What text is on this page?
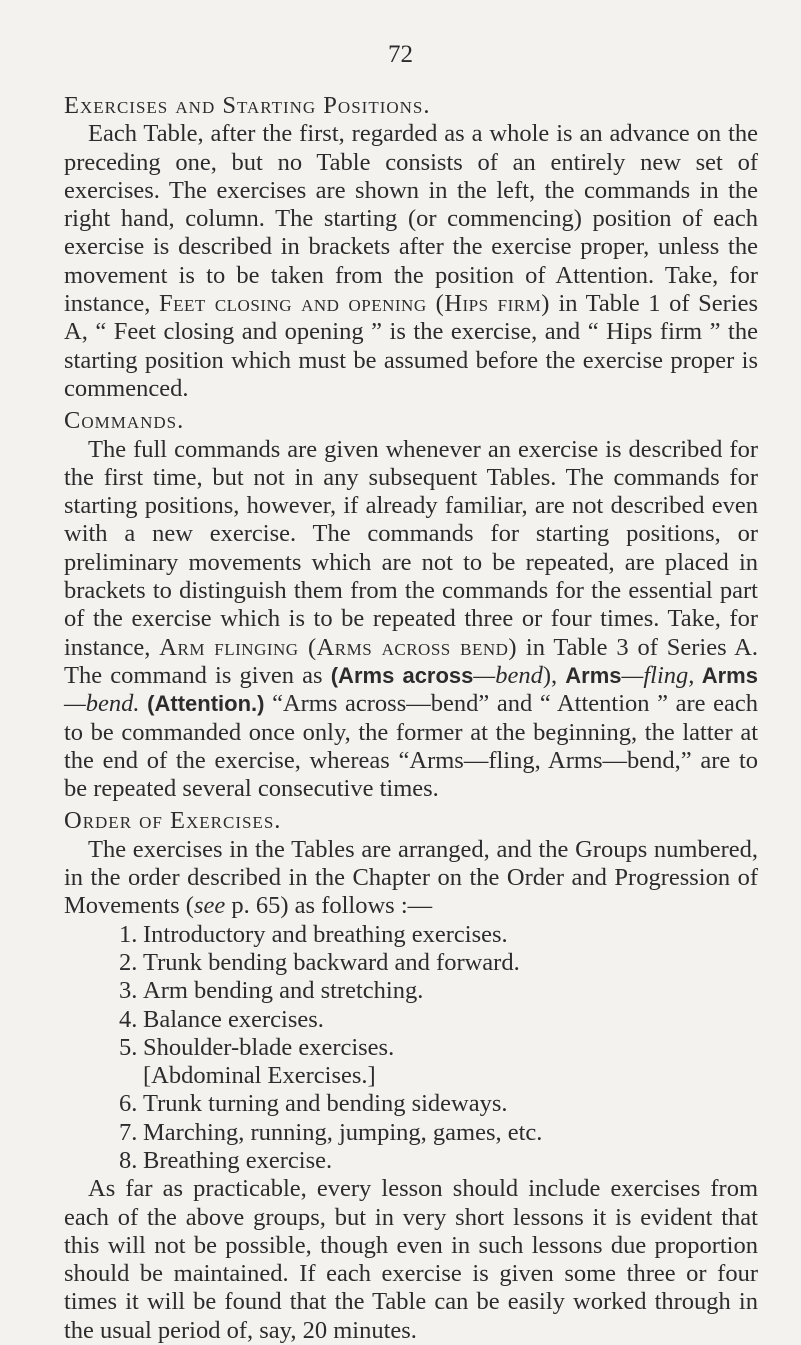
72
Exercises and Starting Positions.

Each Table, after the first, regarded as a whole is an advance on the preceding one, but no Table consists of an entirely new set of exercises. The exercises are shown in the left, the commands in the right hand, column. The starting (or commencing) position of each exercise is described in brackets after the exercise proper, unless the movement is to be taken from the position of Attention. Take, for instance, Feet closing and opening (Hips firm) in Table 1 of Series A, “ Feet closing and opening ” is the exercise, and “ Hips firm ” the starting position which must be assumed before the exercise proper is commenced.

Commands.

The full commands are given whenever an exercise is described for the first time, but not in any subsequent Tables. The commands for starting positions, however, if already familiar, are not described even with a new exercise. The commands for starting positions, or preliminary movements which are not to be repeated, are placed in brackets to distinguish them from the commands for the essential part of the exercise which is to be repeated three or four times. Take, for instance, Arm flinging (Arms across bend) in Table 3 of Series A. The command is given as (Arms across—bend), Arms—fling, Arms—bend. (Attention.) “Arms across—bend” and “ Attention ” are each to be commanded once only, the former at the beginning, the latter at the end of the exercise, whereas “Arms—fling, Arms—bend,” are to be repeated several consecutive times.

Order of Exercises.

The exercises in the Tables are arranged, and the Groups numbered, in the order described in the Chapter on the Order and Progression of Movements (see p. 65) as follows :—

1. Introductory and breathing exercises.
2. Trunk bending backward and forward.
3. Arm bending and stretching.
4. Balance exercises.
5. Shoulder-blade exercises.
[Abdominal Exercises.]
6. Trunk turning and bending sideways.
7. Marching, running, jumping, games, etc.
8. Breathing exercise.

As far as practicable, every lesson should include exercises from each of the above groups, but in very short lessons it is evident that this will not be possible, though even in such lessons due proportion should be maintained. If each exercise is given some three or four times it will be found that the Table can be easily worked through in the usual period of, say, 20 minutes.
